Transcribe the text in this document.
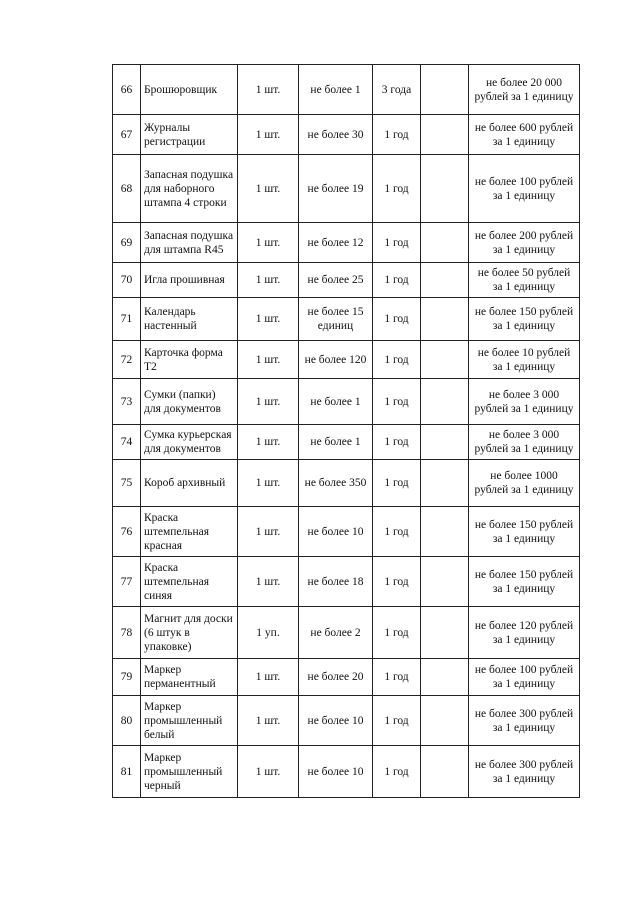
66	Брошюровщик	1 шт.	не более 1	3 года		не более 20 000
рублей за 1 единицу

67	Журналы
регистрации	1 шт.	не более 30	1 год		не более 600 рублей
за 1 единицу

68	Запасная подушка
для наборного
штампа 4 строки	1 шт.	не более 19	1 год		не более 100 рублей
за 1 единицу

69	Запасная подушка
для штампа R45	1 шт.	не более 12	1 год		не более 200 рублей
за 1 единицу

70	Игла прошивная	1 шт.	не более 25	1 год		не более 50 рублей
за 1 единицу

71	Календарь
настенный	1 шт.	не более 15
единиц	1 год		не более 150 рублей
за 1 единицу

72	Карточка форма
Т2	1 шт.	не более 120	1 год		не более 10 рублей
за 1 единицу

73	Сумки (папки)
для документов	1 шт.	не более 1	1 год		не более 3 000
рублей за 1 единицу

74	Сумка курьерская
для документов	1 шт.	не более 1	1 год		не более 3 000
рублей за 1 единицу

75	Короб архивный	1 шт.	не более 350	1 год		не более 1000
рублей за 1 единицу

76	Краска
штемпельная
красная	1 шт.	не более 10	1 год		не более 150 рублей
за 1 единицу

77	Краска
штемпельная
синяя	1 шт.	не более 18	1 год		не более 150 рублей
за 1 единицу

78	Магнит для доски
(6 штук в
упаковке)	1 уп.	не более 2	1 год		не более 120 рублей
за 1 единицу

79	Маркер
перманентный	1 шт.	не более 20	1 год		не более 100 рублей
за 1 единицу

80	Маркер
промышленный
белый	1 шт.	не более 10	1 год		не более 300 рублей
за 1 единицу

81	Маркер
промышленный
черный	1 шт.	не более 10	1 год		не более 300 рублей
за 1 единицу
